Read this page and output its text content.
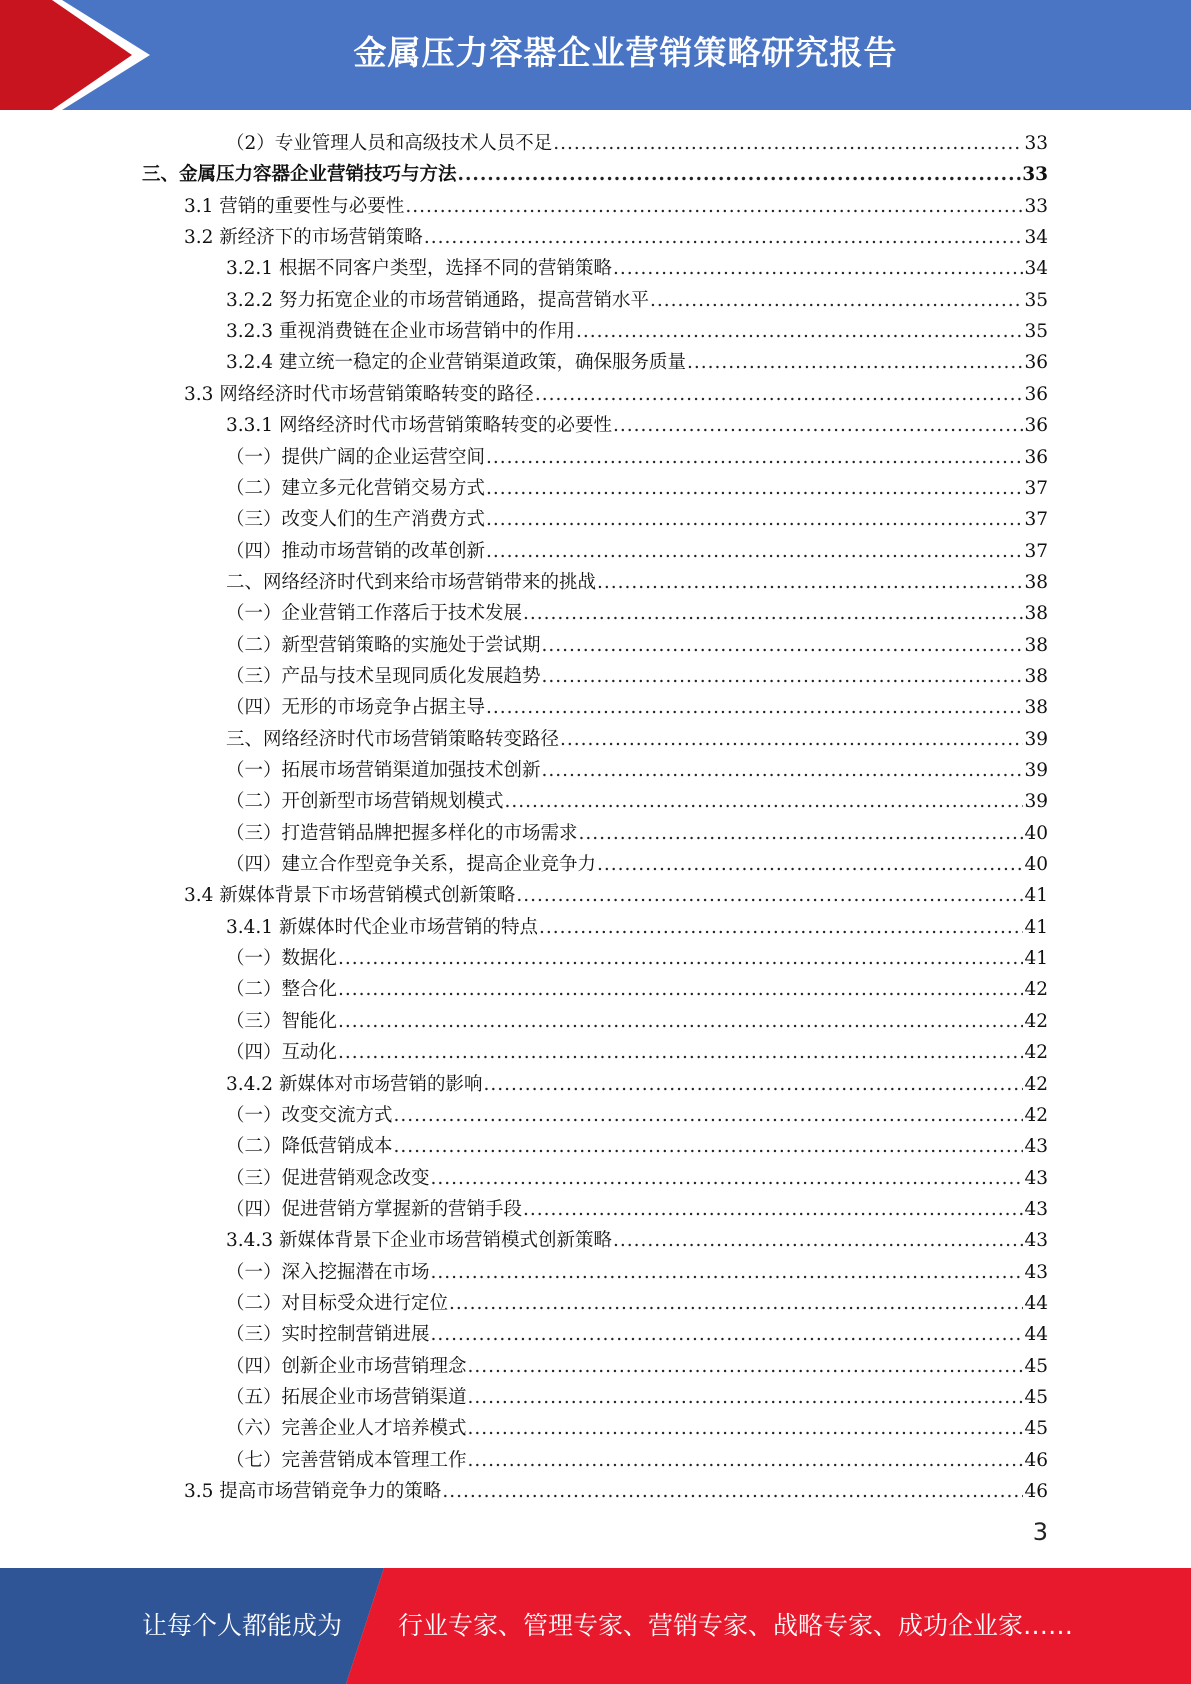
金属压力容器企业营销策略研究报告
（2）专业管理人员和高级技术人员不足 .....	33
三、金属压力容器企业营销技巧与方法 .....	33
3.1 营销的重要性与必要性 .....	33
3.2 新经济下的市场营销策略 .....	34
3.2.1 根据不同客户类型，选择不同的营销策略 .....	34
3.2.2 努力拓宽企业的市场营销通路，提高营销水平 .....	35
3.2.3 重视消费链在企业市场营销中的作用 .....	35
3.2.4 建立统一稳定的企业营销渠道政策，确保服务质量 .....	36
3.3 网络经济时代市场营销策略转变的路径 .....	36
3.3.1 网络经济时代市场营销策略转变的必要性 .....	36
（一）提供广阔的企业运营空间 .....	36
（二）建立多元化营销交易方式 .....	37
（三）改变人们的生产消费方式 .....	37
（四）推动市场营销的改革创新 .....	37
二、网络经济时代到来给市场营销带来的挑战 .....	38
（一）企业营销工作落后于技术发展 .....	38
（二）新型营销策略的实施处于尝试期 .....	38
（三）产品与技术呈现同质化发展趋势 .....	38
（四）无形的市场竞争占据主导 .....	38
三、网络经济时代市场营销策略转变路径 .....	39
（一）拓展市场营销渠道加强技术创新 .....	39
（二）开创新型市场营销规划模式 .....	39
（三）打造营销品牌把握多样化的市场需求 .....	40
（四）建立合作型竞争关系，提高企业竞争力 .....	40
3.4 新媒体背景下市场营销模式创新策略 .....	41
3.4.1 新媒体时代企业市场营销的特点 .....	41
（一）数据化 .....	41
（二）整合化 .....	42
（三）智能化 .....	42
（四）互动化 .....	42
3.4.2 新媒体对市场营销的影响 .....	42
（一）改变交流方式 .....	42
（二）降低营销成本 .....	43
（三）促进营销观念改变 .....	43
（四）促进营销方掌握新的营销手段 .....	43
3.4.3 新媒体背景下企业市场营销模式创新策略 .....	43
（一）深入挖掘潜在市场 .....	43
（二）对目标受众进行定位 .....	44
（三）实时控制营销进展 .....	44
（四）创新企业市场营销理念 .....	45
（五）拓展企业市场营销渠道 .....	45
（六）完善企业人才培养模式 .....	45
（七）完善营销成本管理工作 .....	46
3.5 提高市场营销竞争力的策略 .....	46
3
让每个人都能成为 行业专家、管理专家、营销专家、战略专家、成功企业家……
